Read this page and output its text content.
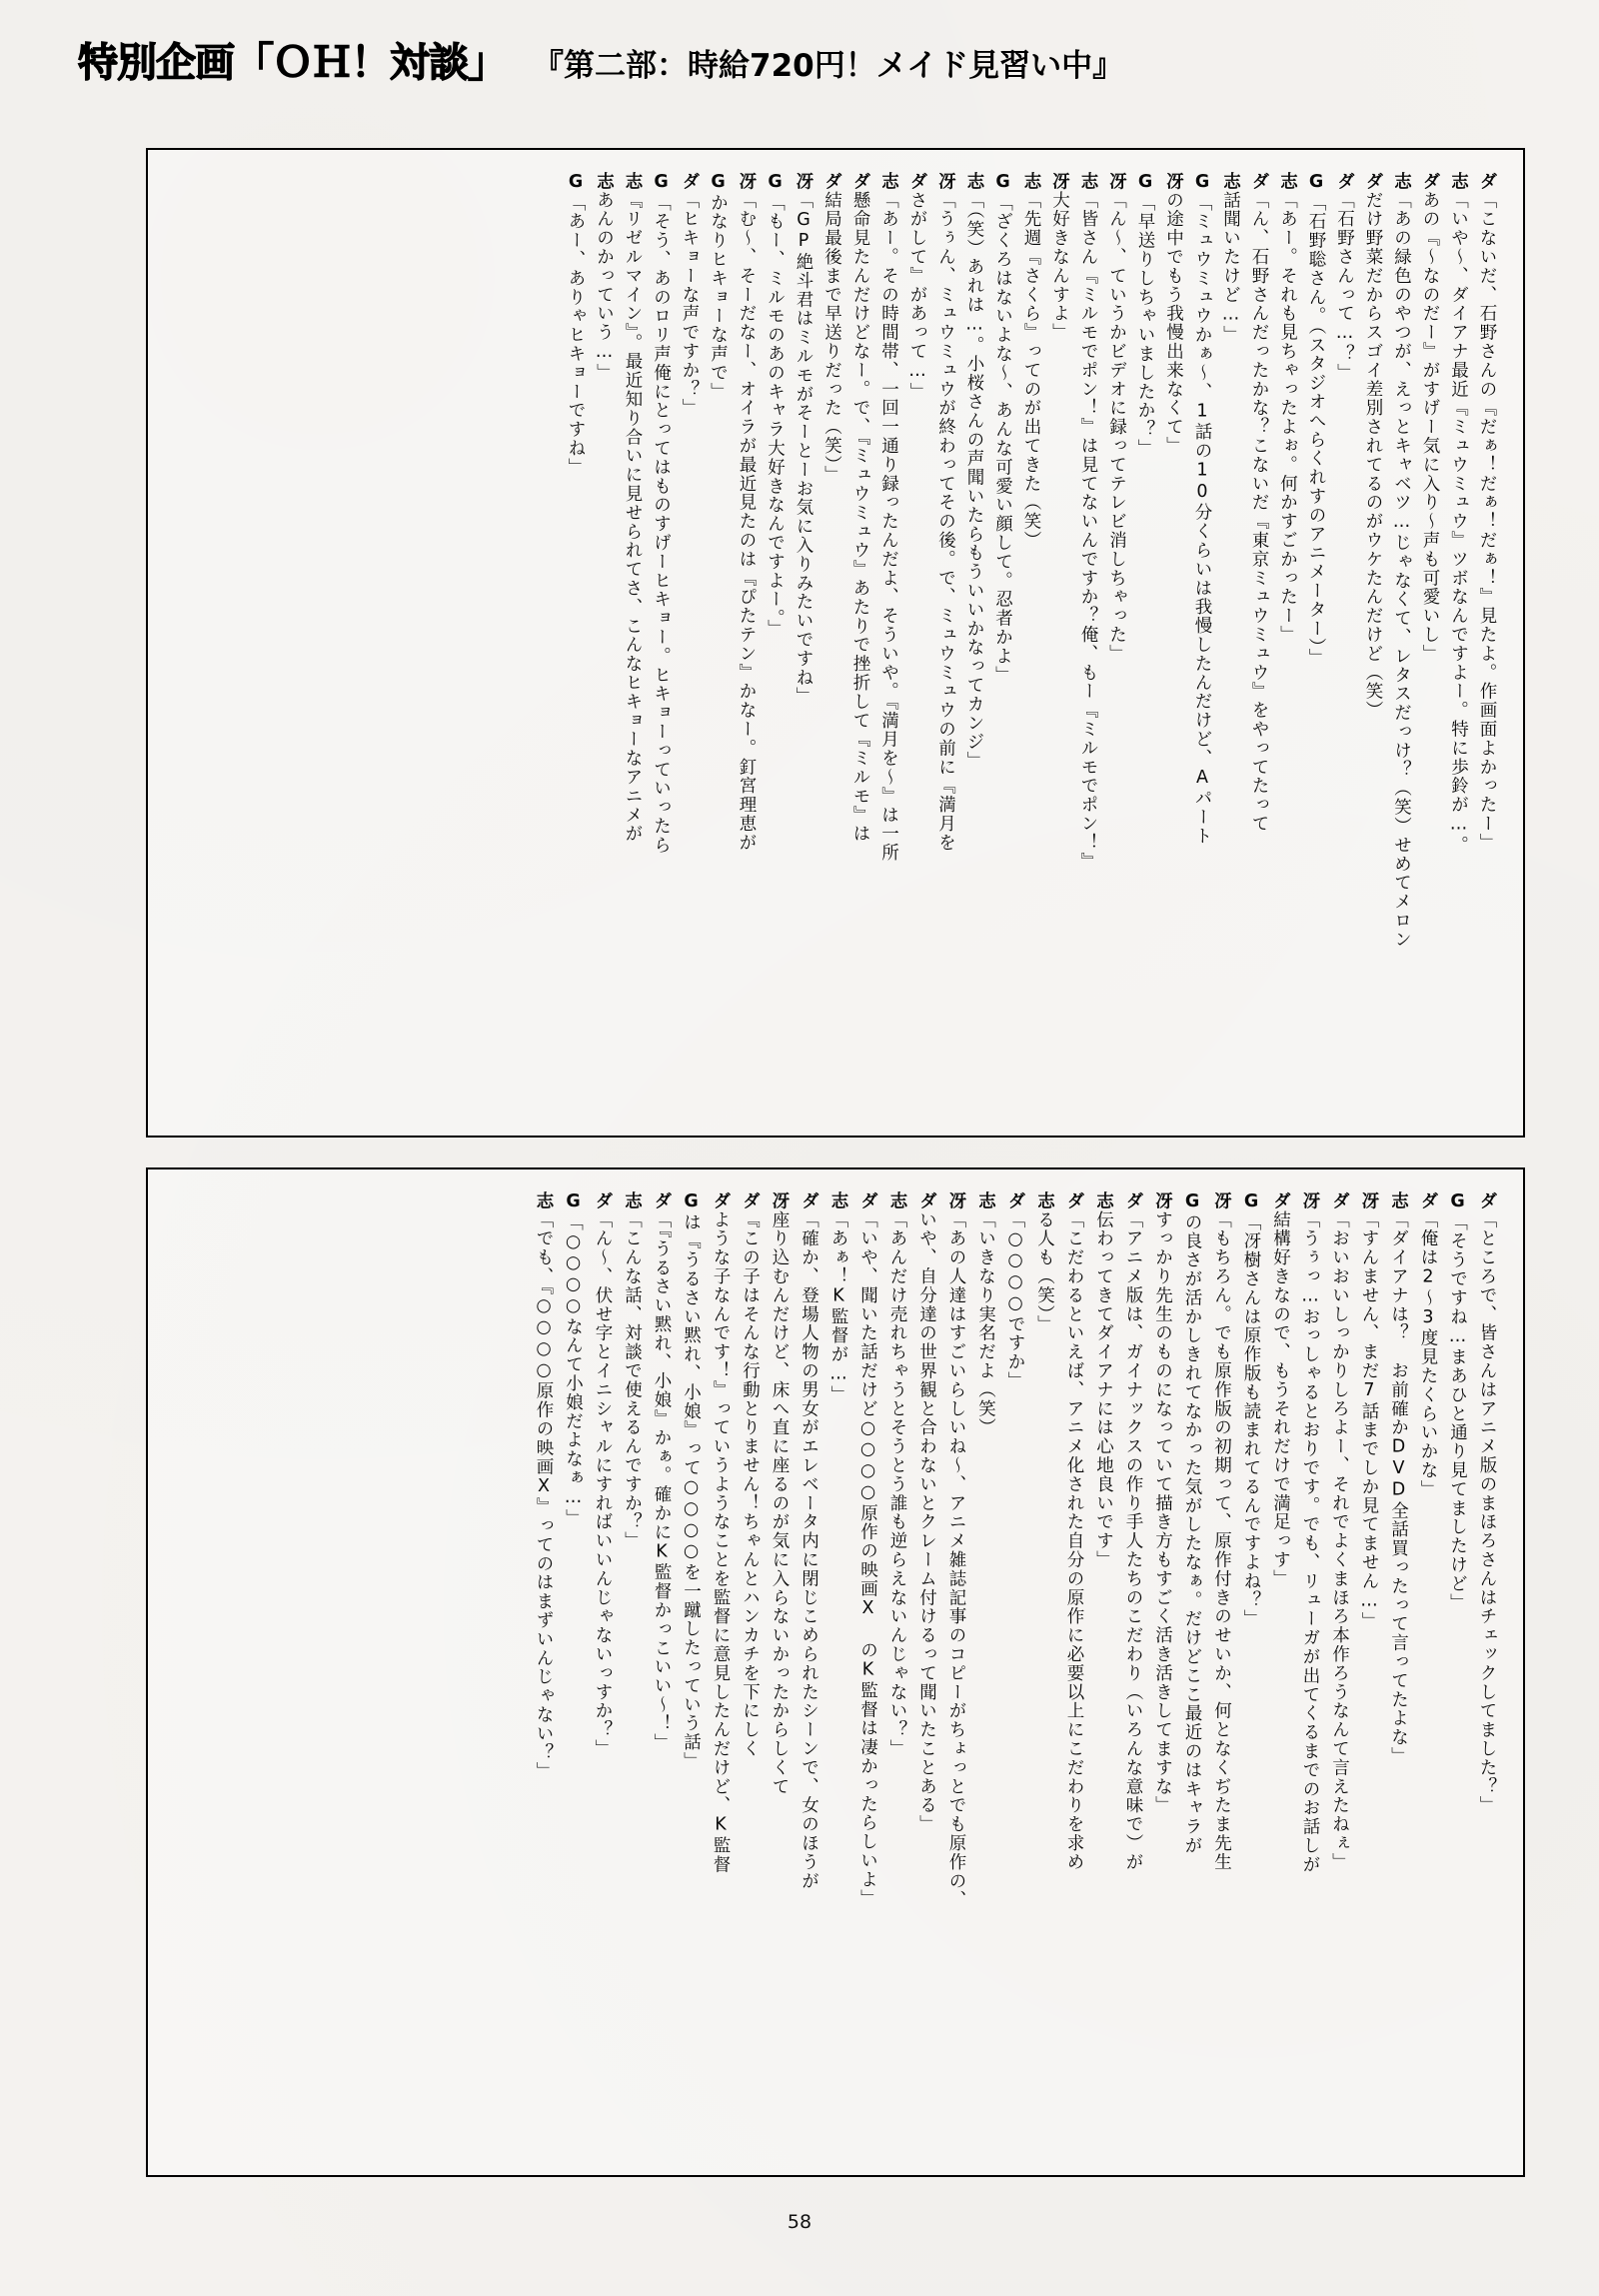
特別企画「ＯＨ！対談」 『第二部：時給720円！メイド見習い中』
ダ「こないだ、石野さんの『だぁ！だぁ！だぁ！』見たよ。作画面よかったー」
志「いや～、ダイアナ最近『ミュウミュウ』ツボなんですよー。特に歩鈴が…。
ダあの『～なのだー』がすげー気に入り～声も可愛いし」
志「あの緑色のやつが、えっとキャベツ…じゃなくて、レタスだっけ？（笑）せめてメロン
ダだけ野菜だからスゴイ差別されてるのがウケたんだけど（笑）
ダ「石野さんって…？」
G「石野聡さん。（スタジオへらくれすのアニメーター）」
志「あー。それも見ちゃったよぉ。何かすごかったー」
ダ「ん、石野さんだったかな？こないだ『東京ミュウミュウ』をやってたって
志話聞いたけど…」
G「ミュウミュウかぁ～、1話の10分くらいは我慢したんだけど、Aパート
冴の途中でもう我慢出来なくて」
G「早送りしちゃいましたか？」
冴「ん～、ていうかビデオに録ってテレビ消しちゃった」
志「皆さん『ミルモでポン！』は見てないんですか？俺、もー『ミルモでポン！』
冴大好きなんすよ」
志「先週『さくら』ってのが出てきた（笑）
G「ざくろはないよな～、あんな可愛い顔して。忍者かよ」
志「（笑）あれは…。小桜さんの声聞いたらもういいかなってカンジ」
冴「うぅん、ミュウミュウが終わってその後。で、ミュウミュウの前に『満月を
ダさがして』があって…」
志「あー。その時間帯、一回一通り録ったんだよ、そういや。『満月を～』は一所
ダ懸命見たんだけどなー。で、『ミュウミュウ』あたりで挫折して『ミルモ』は
ダ結局最後まで早送りだった（笑）」
冴「GP絶斗君はミルモがそーとーお気に入りみたいですね」
G「もー、ミルモのあのキャラ大好きなんですよー。」
冴「む～、そーだなー、オイラが最近見たのは『ぴたテン』かなー。釘宮理恵が
Gかなりヒキョーな声で」
ダ「ヒキョーな声ですか？」
G「そう、あのロリ声俺にとってはものすげーヒキョー。ヒキョーっていったら
志『リゼルマイン』。最近知り合いに見せられてさ、こんなヒキョーなアニメが
志あんのかっていう…」
G「あー、ありゃヒキョーですね」
ダ「ところで、皆さんはアニメ版のまほろさんはチェックしてました？」
G「そうですね…まあひと通り見てましたけど」
ダ「俺は2～3度見たくらいかな」
志「ダイアナは？　お前確かDVD全話買ったって言ってたよな」
冴「すんません、まだ7話までしか見てません…」
ダ「おいおいしっかりしろよー、それでよくまほろ本作ろうなんて言えたねぇ」
冴「うぅっ…おっしゃるとおりです。でも、リューガが出てくるまでのお話しが
ダ結構好きなので、もうそれだけで満足っす」
G「冴樹さんは原作版も読まれてるんですよね？」
冴「もちろん。でも原作版の初期って、原作付きのせいか、何となくぢたま先生
Gの良さが活かしきれてなかった気がしたなぁ。だけどここ最近のはキャラが
冴すっかり先生のものになっていて描き方もすごく活き活きしてますな」
ダ「アニメ版は、ガイナックスの作り手人たちのこだわり（いろんな意味で）が
志伝わってきてダイアナには心地良いです」
ダ「こだわるといえば、アニメ化された自分の原作に必要以上にこだわりを求め
志る人も（笑）」
ダ「○○○○ですか」
志「いきなり実名だよ（笑）
冴「あの人達はすごいらしいね～、アニメ雑誌記事のコピーがちょっとでも原作の、
ダいや、自分達の世界観と合わないとクレーム付けるって聞いたことある」
志「あんだけ売れちゃうとそうとう誰も逆らえないんじゃない？」
ダ「いや、聞いた話だけど○○○○原作の映画X のK監督は凄かったらしいよ」
志「あぁ！K監督が…」
ダ「確か、登場人物の男女がエレベータ内に閉じこめられたシーンで、女のほうが
冴座り込むんだけど、床へ直に座るのが気に入らないかったからしくて
ダ『この子はそんな行動とりません！ちゃんとハンカチを下にしく
ダような子なんです！』っていうようなことを監督に意見したんだけど、K監督
Gは『うるさい黙れ、小娘』って○○○○を一蹴したっていう話」
ダ「『うるさい黙れ、小娘』かぁ。確かにK監督かっこいい～！」
志「こんな話、対談で使えるんですか？」
ダ「ん～、伏せ字とイニシャルにすればいいんじゃないっすか？」
G「○○○○なんて小娘だよなぁ…」
志「でも、『○○○○原作の映画X』ってのはまずいんじゃない？」
58
